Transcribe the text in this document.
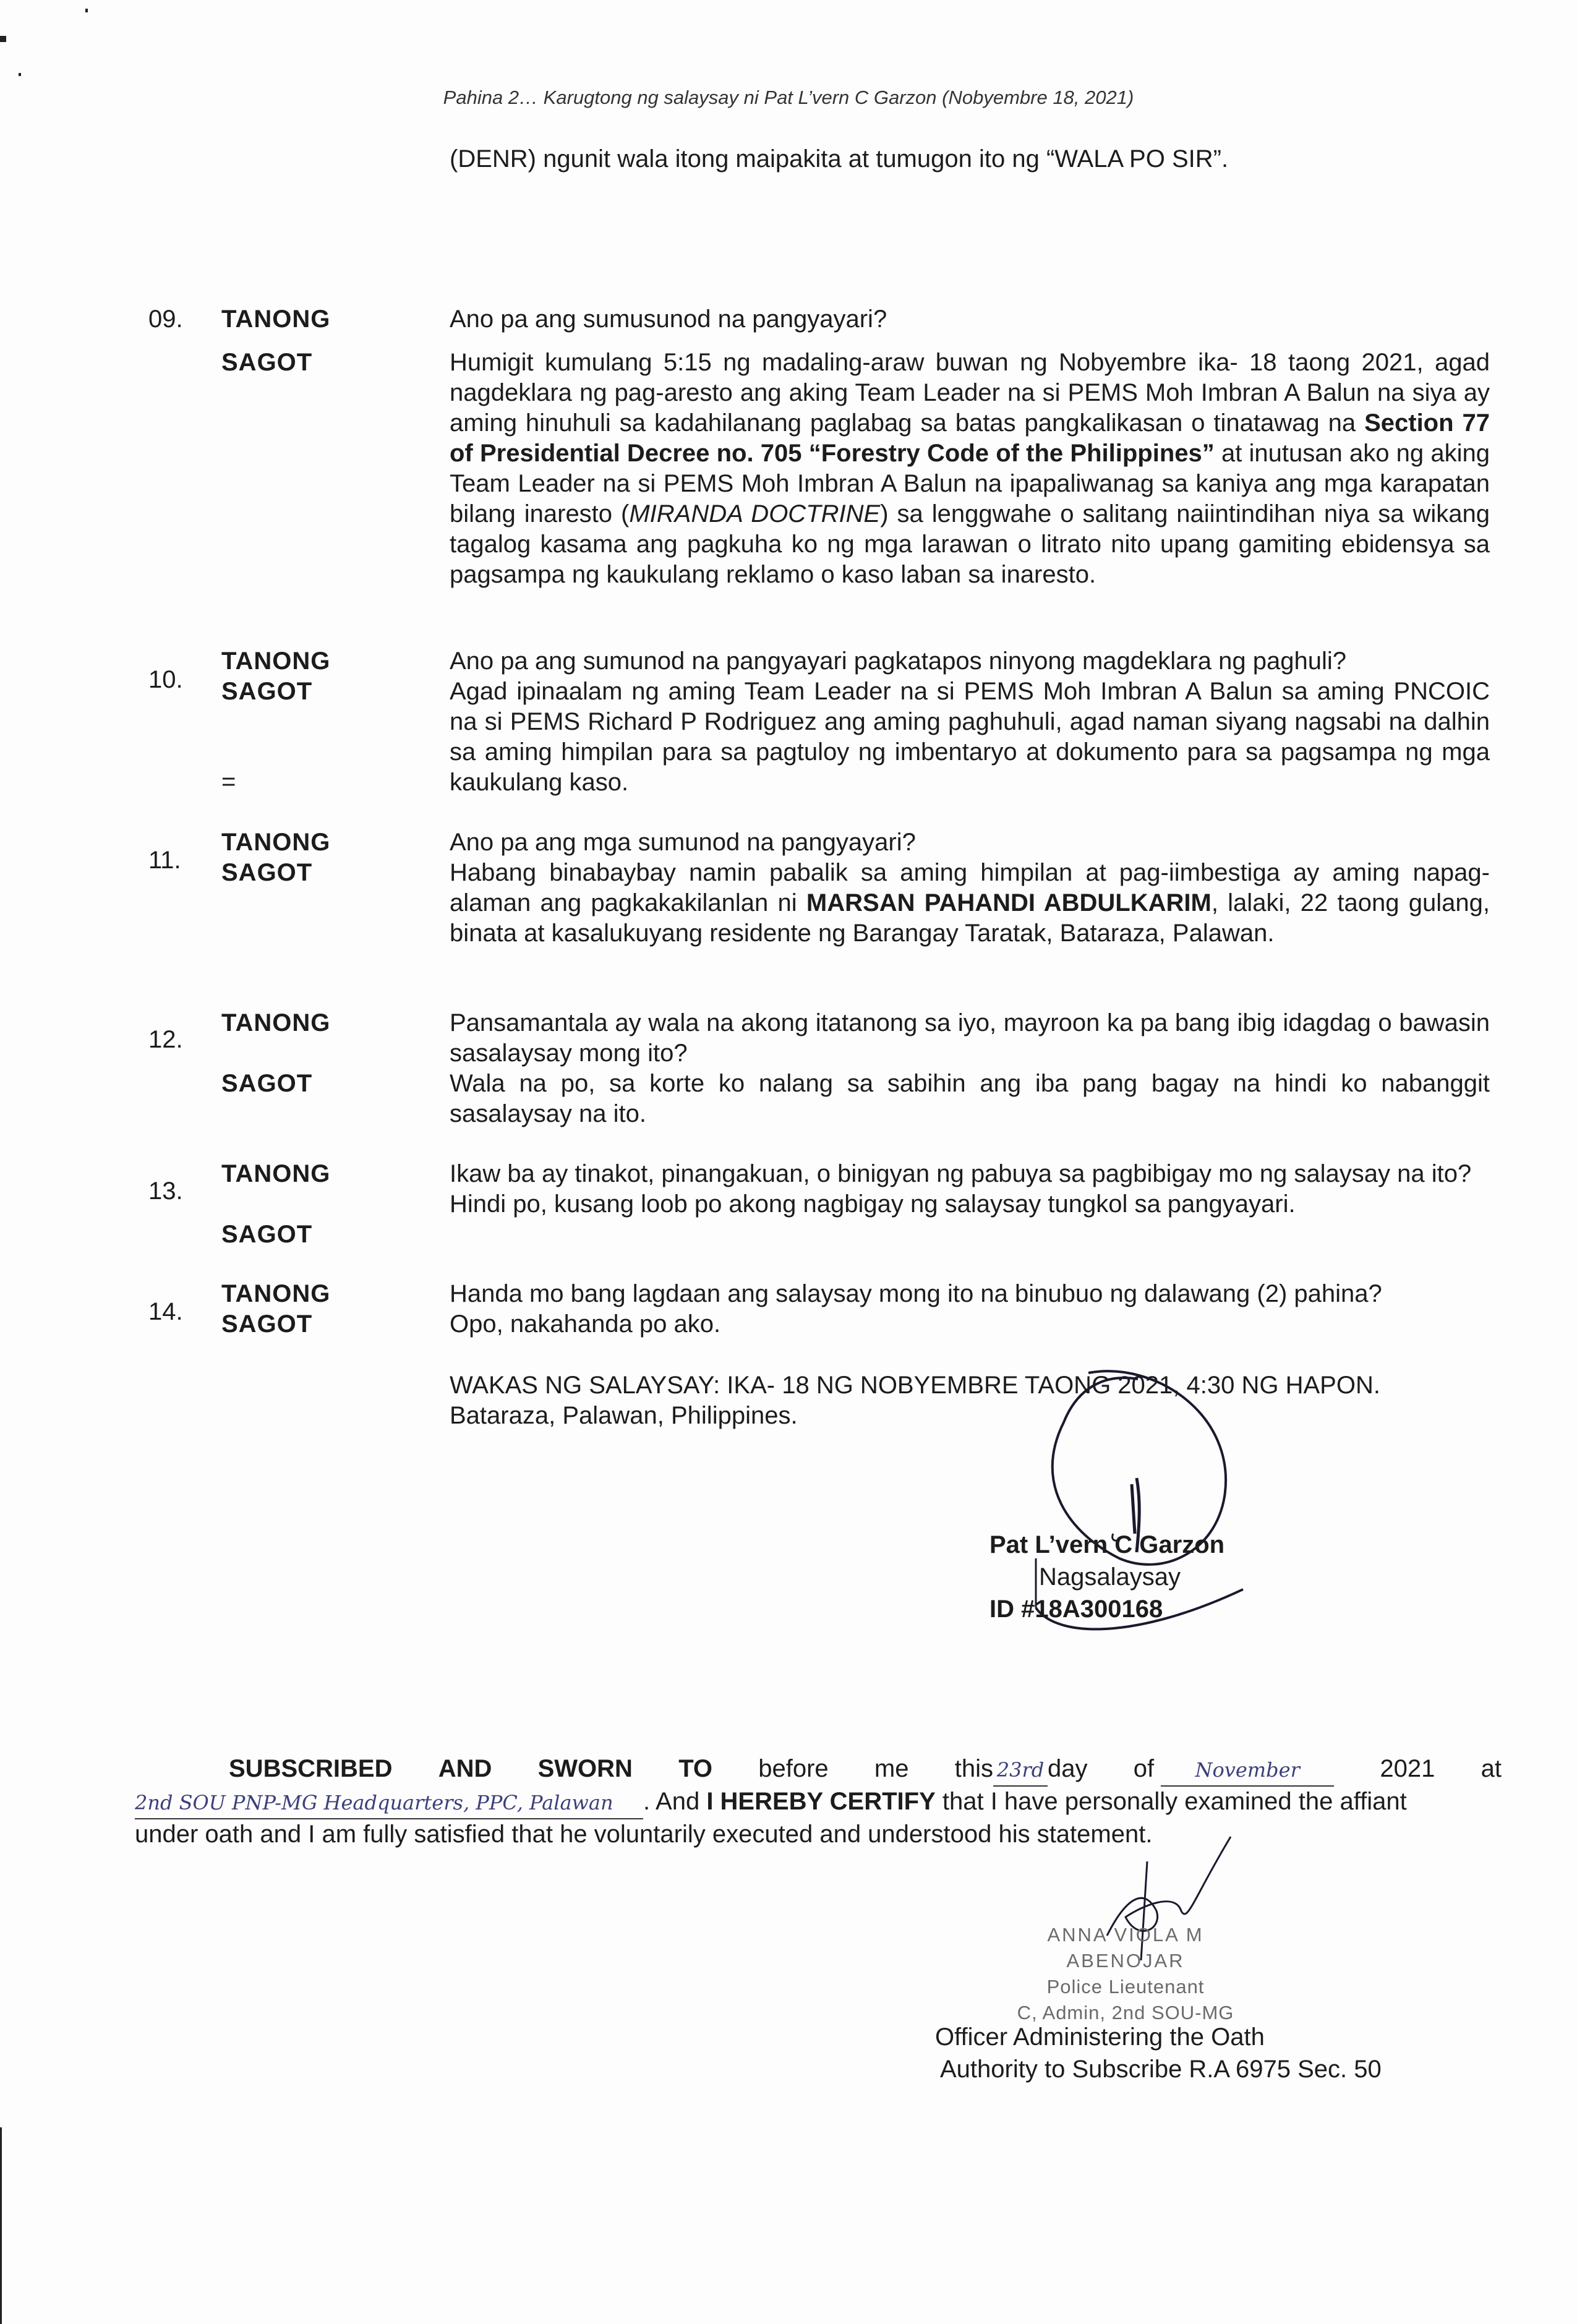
Pahina 2… Karugtong ng salaysay ni Pat L’vern C Garzon (Nobyembre 18, 2021)
(DENR) ngunit wala itong maipakita at tumugon ito ng “WALA PO SIR”.
09. TANONG
SAGOT

Ano pa ang sumusunod na pangyayari?

Humigit kumulang 5:15 ng madaling-araw buwan ng Nobyembre ika- 18 taong 2021, agad nagdeklara ng pag-aresto ang aking Team Leader na si PEMS Moh Imbran A Balun na siya ay aming hinuhuli sa kadahilanang paglabag sa batas pangkalikasan o tinatawag na Section 77 of Presidential Decree no. 705 “Forestry Code of the Philippines” at inutusan ako ng aking Team Leader na si PEMS Moh Imbran A Balun na ipapaliwanag sa kaniya ang mga karapatan bilang inaresto (MIRANDA DOCTRINE) sa lenggwahe o salitang naiintindihan niya sa wikang tagalog kasama ang pagkuha ko ng mga larawan o litrato nito upang gamiting ebidensya sa pagsampa ng kaukulang reklamo o kaso laban sa inaresto.

10.
TANONG
SAGOT
=

Ano pa ang sumunod na pangyayari pagkatapos ninyong magdeklara ng paghuli?

Agad ipinaalam ng aming Team Leader na si PEMS Moh Imbran A Balun sa aming PNCOIC na si PEMS Richard P Rodriguez ang aming paghuhuli, agad naman siyang nagsabi na dalhin sa aming himpilan para sa pagtuloy ng imbentaryo at dokumento para sa pagsampa ng mga kaukulang kaso.

11.
TANONG
SAGOT

Ano pa ang mga sumunod na pangyayari?

Habang binabaybay namin pabalik sa aming himpilan at pag-iimbestiga ay aming napag-alaman ang pagkakakilanlan ni MARSAN PAHANDI ABDULKARIM, lalaki, 22 taong gulang, binata at kasalukuyang residente ng Barangay Taratak, Bataraza, Palawan.

12.
TANONG
SAGOT

Pansamantala ay wala na akong itatanong sa iyo, mayroon ka pa bang ibig idagdag o bawasin sasalaysay mong ito?

Wala na po, sa korte ko nalang sa sabihin ang iba pang bagay na hindi ko nabanggit sasalaysay na ito.

13.
TANONG
SAGOT

Ikaw ba ay tinakot, pinangakuan, o binigyan ng pabuya sa pagbibigay mo ng salaysay na ito?

Hindi po, kusang loob po akong nagbigay ng salaysay tungkol sa pangyayari.

14.
TANONG
SAGOT

Handa mo bang lagdaan ang salaysay mong ito na binubuo ng dalawang (2) pahina?

Opo, nakahanda po ako.

WAKAS NG SALAYSAY: IKA- 18 NG NOBYEMBRE TAONG 2021, 4:30 NG HAPON.
Bataraza, Palawan, Philippines.
Pat L’vern C Garzon
Nagsalaysay
ID #18A300168
SUBSCRIBED AND SWORN TO before me this 23rd day of November	2021 at
2nd SOU PNP-MG Headquarters, PPC, Palawan . And I HEREBY CERTIFY that I have personally examined the affiant
under oath and I am fully satisfied that he voluntarily executed and understood his statement.
ANNA VIOLA M ABENOJAR
Police Lieutenant
C, Admin, 2nd SOU-MG
Officer Administering the Oath
Authority to Subscribe R.A 6975 Sec. 50
